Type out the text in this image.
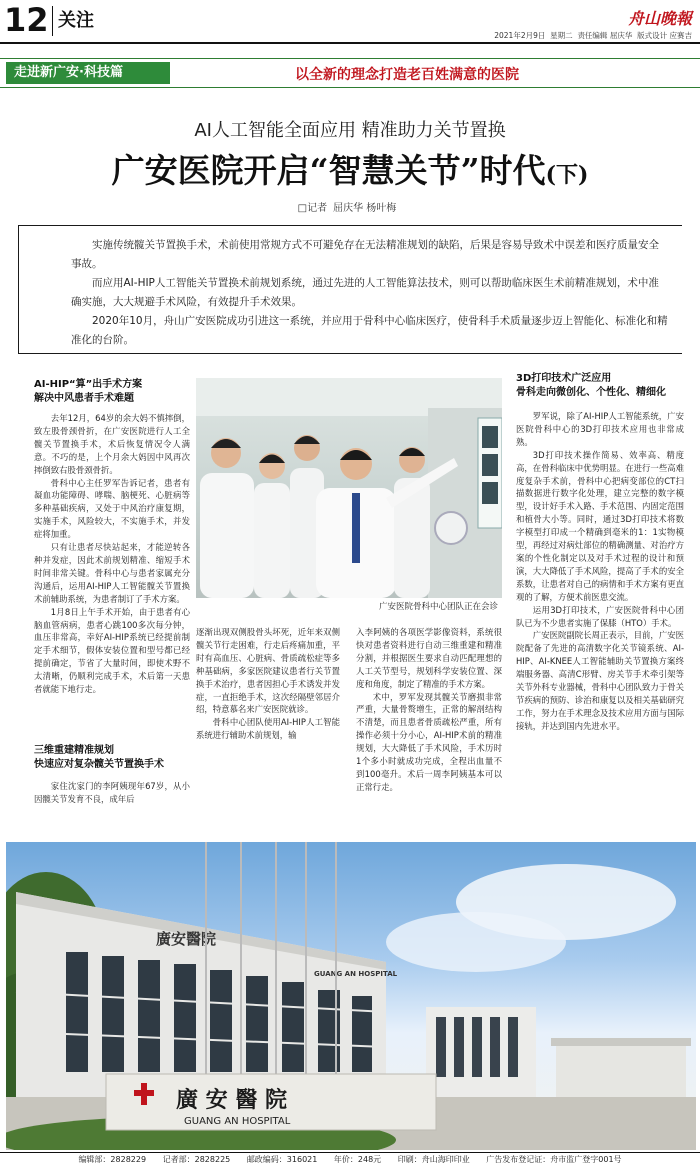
12 关注	舟山晚報
2021年2月9日 星期二 责任编辑 屈庆华 版式设计 应赛吉
走进新广安·科技篇	以全新的理念打造老百姓满意的医院
AI人工智能全面应用 精准助力关节置换
广安医院开启“智慧关节”时代(下)
□记者 屈庆华 杨叶梅

实施传统髋关节置换手术，术前使用常规方式不可避免存在无法精准规划的缺陷，后果是容易导致术中误差和医疗质量安全事故。

而应用AI-HIP人工智能关节置换术前规划系统，通过先进的人工智能算法技术，则可以帮助临床医生术前精准规划，术中准确实施，大大规避手术风险，有效提升手术效果。

2020年10月，舟山广安医院成功引进这一系统，并应用于骨科中心临床医疗，使骨科手术质量逐步迈上智能化、标准化和精准化的台阶。

AI-HIP“算”出手术方案
解决中风患者手术难题

去年12月，64岁的余大妈不慎摔倒，致左股骨颈骨折，在广安医院进行人工全髋关节置换手术，术后恢复情况令人满意。不巧的是，上个月余大妈因中风再次摔倒致右股骨颈骨折。

骨科中心主任罗军告诉记者，患者有凝血功能障碍、哮喘、脑梗死、心脏病等多种基础疾病，又处于中风治疗康复期，实施手术，风险较大，不实施手术，并发症将加重。

只有让患者尽快站起来，才能逆转各种并发症，因此术前规划精准、缩短手术时间非常关键。骨科中心与患者家属充分沟通后，运用AI-HIP人工智能髋关节置换术前辅助系统，为患者制订了手术方案。

1月8日上午手术开始，由于患者有心脑血管病病，患者心跳100多次每分钟，血压非常高，幸好AI-HIP系统已经提前制定手术细节，假体安装位置和型号都已经提前确定，节省了大量时间，即使术野不太清晰，仍顺利完成手术，术后第一天患者就能下地行走。

三维重建精准规划
快速应对复杂髋关节置换手术

家住沈家门的李阿姨现年67岁，从小因髋关节发育不良，成年后

广安医院骨科中心团队正在会诊

逐渐出现双侧股骨头坏死，近年来双侧髋关节行走困难，行走后疼痛加重，平时有高血压、心脏病、骨质疏松症等多种基础病，多家医院建议患者行关节置换手术治疗，患者因担心手术诱发并发症，一直拒绝手术，这次经隔壁邻居介绍，特意慕名来广安医院就诊。

骨科中心团队使用AI-HIP人工智能系统进行辅助术前规划，输

入李阿姨的各项医学影像资料，系统很快对患者资料进行自动三维重建和精准分割，并根据医生要求自动匹配理想的人工关节型号，规划科学安装位置、深度和角度，制定了精准的手术方案。

术中，罗军发现其髋关节磨损非常严重，大量骨赘增生，正常的解剖结构不清楚，而且患者骨质疏松严重，所有操作必须十分小心，AI-HIP术前的精准规划，大大降低了手术风险，手术历时1个多小时就成功完成，全程出血量不到100毫升。术后一周李阿姨基本可以正常行走。

3D打印技术广泛应用
骨科走向微创化、个性化、精细化

罗军说，除了AI-HIP人工智能系统，广安医院骨科中心的3D打印技术应用也非常成熟。

3D打印技术操作简易、效率高、精度高，在骨科临床中优势明显。在进行一些高难度复杂手术前，骨科中心把病变部位的CT扫描数据进行数字化处理，建立完整的数字模型，设计好手术入路、手术范围、内固定范围和植骨大小等。同时，通过3D打印技术将数字模型打印成一个精确到毫米的1：1实物模型，再经过对病灶部位的精确测量、对治疗方案的个性化制定以及对手术过程的设计和预演，大大降低了手术风险，提高了手术的安全系数，让患者对自己的病情和手术方案有更直观的了解，方便术前医患交流。

运用3D打印技术，广安医院骨科中心团队已为不少患者实施了保膝（HTO）手术。

广安医院副院长周正表示，目前，广安医院配备了先进的高清数字化关节镜系统、AI-HIP、AI-KNEE人工智能辅助关节置换方案终端服务器、高清C形臂、房关节手术牵引架等关节外科专业器械，骨科中心团队致力于骨关节疾病的预防、诊治和康复以及相关基础研究工作，努力在手术理念及技术应用方面与国际接轨，并达到国内先进水平。

廣安醫院
GUANG AN HOSPITAL
廣 安 醫 院
GUANG AN HOSPITAL
编辑部：2828229 记者部：2828225 邮政编码：316021 年价：248元 印刷：舟山海印印业 广告发布登记证：舟市监广登字001号
